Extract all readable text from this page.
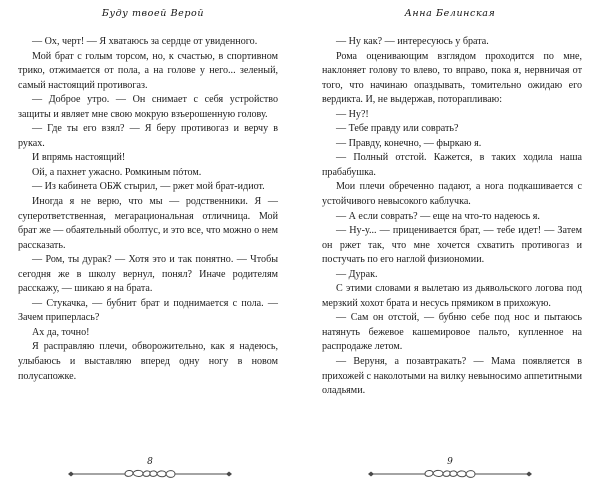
Буду твоей Верой

— Ох, черт! — Я хватаюсь за сердце от увиденного.

Мой брат с голым торсом, но, к счастью, в спортивном трико, отжимается от пола, а на голове у него... зеленый, самый настоящий противогаз.

— Доброе утро. — Он снимает с себя устройство защиты и являет мне свою мокрую взъерошенную голову.

— Где ты его взял? — Я беру противогаз и верчу в руках.

И впрямь настоящий!

Ой, а пахнет ужасно. Ромкиным пóтом.

— Из кабинета ОБЖ стырил, — ржет мой брат-идиот.

Иногда я не верю, что мы — родственники. Я — суперответственная, мегарациональная отличница. Мой брат же — обаятельный оболтус, и это все, что можно о нем рассказать.

— Ром, ты дурак? — Хотя это и так понятно. — Чтобы сегодня же в школу вернул, понял? Иначе родителям расскажу, — шикаю я на брата.

— Стукачка, — бубнит брат и поднимается с пола. — Зачем приперлась?

Ах да, точно!

Я расправляю плечи, обворожительно, как я надеюсь, улыбаюсь и выставляю вперед одну ногу в новом полусапожке.

8
Анна Белинская

— Ну как? — интересуюсь у брата.

Рома оценивающим взглядом проходится по мне, наклоняет голову то влево, то вправо, пока я, нервничая от того, что начинаю опаздывать, томительно ожидаю его вердикта. И, не выдержав, поторапливаю:

— Ну?!

— Тебе правду или соврать?

— Правду, конечно, — фыркаю я.

— Полный отстой. Кажется, в таких ходила наша прабабушка.

Мои плечи обреченно падают, а нога подкашивается с устойчивого невысокого каблучка.

— А если соврать? — еще на что-то надеюсь я.

— Ну-у... — приценивается брат, — тебе идет! — Затем он ржет так, что мне хочется схватить противогаз и постучать по его наглой физиономии.

— Дурак.

С этими словами я вылетаю из дьявольского логова под мерзкий хохот брата и несусь прямиком в прихожую.

— Сам он отстой, — бубню себе под нос и пытаюсь натянуть бежевое кашемировое пальто, купленное на распродаже летом.

— Веруня, а позавтракать? — Мама появляется в прихожей с наколотыми на вилку невыносимо аппетитными оладьями.

9
